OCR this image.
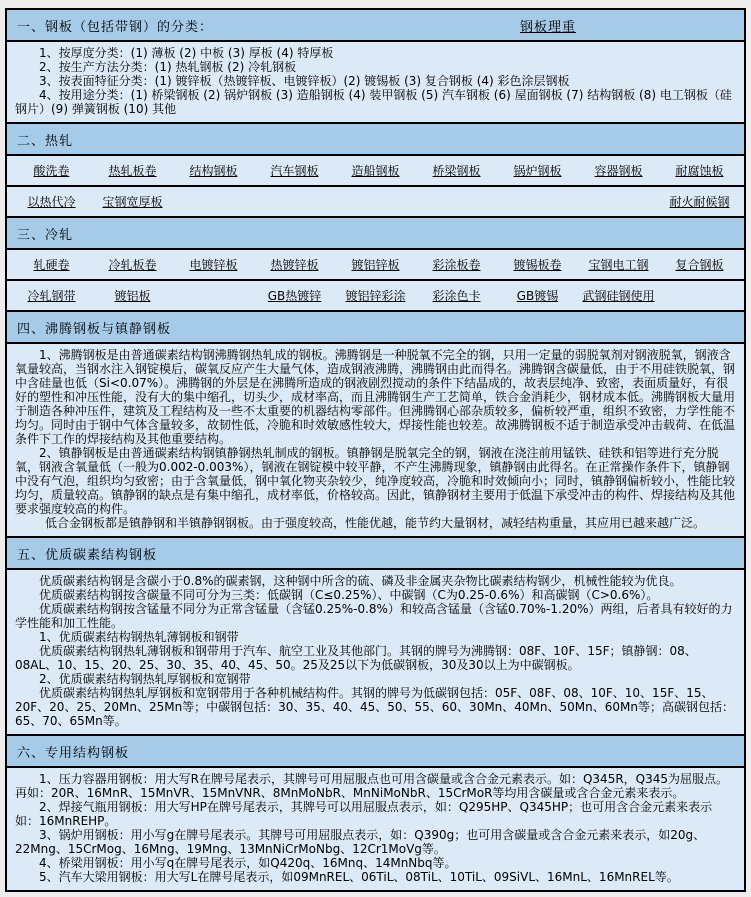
一、钢板（包括带钢）的分类：	钢板理重

1、按厚度分类：(1) 薄板 (2) 中板 (3) 厚板 (4) 特厚板

2、按生产方法分类：(1) 热轧钢板 (2) 冷轧钢板

3、按表面特征分类：(1) 镀锌板（热镀锌板、电镀锌板）(2) 镀锡板 (3) 复合钢板 (4) 彩色涂层钢板

4、按用途分类：(1) 桥梁钢板 (2) 锅炉钢板 (3) 造船钢板 (4) 装甲钢板 (5) 汽车钢板 (6) 屋面钢板 (7) 结构钢板 (8) 电工钢板（硅钢片）(9) 弹簧钢板 (10) 其他

二、热轧
酸洗卷	热轧板卷	结构钢板	汽车钢板	造船钢板	桥梁钢板	锅炉钢板	容器钢板	耐腐蚀板
以热代冷	宝钢宽厚板	耐火耐候钢
三、冷轧
轧硬卷	冷轧板卷	电镀锌板	热镀锌板	镀铝锌板	彩涂板卷	镀锡板卷	宝钢电工钢	复合钢板
冷轧钢带	镀铝板	GB热镀锌	镀铝锌彩涂	彩涂色卡	GB镀锡	武钢硅钢使用
四、沸腾钢板与镇静钢板

1、沸腾钢板是由普通碳素结构钢沸腾钢热轧成的钢板。沸腾钢是一种脱氧不完全的钢，只用一定量的弱脱氧剂对钢液脱氧，钢液含氧量较高，当钢水注入钢锭模后，碳氧反应产生大量气体，造成钢液沸腾，沸腾钢由此而得名。沸腾钢含碳量低，由于不用硅铁脱氧，钢中含硅量也低（Si<0.07%）。沸腾钢的外层是在沸腾所造成的钢液剧烈搅动的条件下结晶成的，故表层纯净、致密，表面质量好，有很好的塑性和冲压性能，没有大的集中缩孔，切头少，成材率高，而且沸腾钢生产工艺简单，铁合金消耗少，钢材成本低。沸腾钢板大量用于制造各种冲压件，建筑及工程结构及一些不太重要的机器结构零部件。但沸腾钢心部杂质较多，偏析较严重，组织不致密，力学性能不均匀。同时由于钢中气体含量较多，故韧性低，冷脆和时效敏感性较大，焊接性能也较差。故沸腾钢板不适于制造承受冲击载荷、在低温条件下工作的焊接结构及其他重要结构。

2、镇静钢板是由普通碳素结构钢镇静钢热轧制成的钢板。镇静钢是脱氧完全的钢，钢液在浇注前用锰铁、硅铁和铝等进行充分脱氧，钢液含氧量低（一般为0.002-0.003%），钢液在钢锭模中较平静，不产生沸腾现象，镇静钢由此得名。在正常操作条件下，镇静钢中没有气泡，组织均匀致密；由于含氧量低，钢中氧化物夹杂较少，纯净度较高，冷脆和时效倾向小；同时，镇静钢偏析较小，性能比较均匀，质量较高。镇静钢的缺点是有集中缩孔，成材率低，价格较高。因此，镇静钢材主要用于低温下承受冲击的构件、焊接结构及其他要求强度较高的构件。

低合金钢板都是镇静钢和半镇静钢钢板。由于强度较高，性能优越，能节约大量钢材，减轻结构重量，其应用已越来越广泛。

五、优质碳素结构钢板

优质碳素结构钢是含碳小于0.8%的碳素钢，这种钢中所含的硫、磷及非金属夹杂物比碳素结构钢少，机械性能较为优良。

优质碳素结构钢按含碳量不同可分为三类：低碳钢（C≤0.25%）、中碳钢（C为0.25-0.6%）和高碳钢（C>0.6%）。

优质碳素结构钢按含锰量不同分为正常含锰量（含锰0.25%-0.8%）和较高含锰量（含锰0.70%-1.20%）两组，后者具有较好的力学性能和加工性能。

1、优质碳素结构钢热轧薄钢板和钢带

优质碳素结构钢热轧薄钢板和钢带用于汽车、航空工业及其他部门。其钢的牌号为沸腾钢：08F、10F、15F；镇静钢：08、08AL、10、15、20、25、30、35、40、45、50。25及25以下为低碳钢板，30及30以上为中碳钢板。

2、优质碳素结构钢热轧厚钢板和宽钢带

优质碳素结构钢热轧厚钢板和宽钢带用于各种机械结构件。其钢的牌号为低碳钢包括：05F、08F、08、10F、10、15F、15、20F、20、25、20Mn、25Mn等；中碳钢包括：30、35、40、45、50、55、60、30Mn、40Mn、50Mn、60Mn等；高碳钢包括：65、70、65Mn等。

六、专用结构钢板

1、压力容器用钢板：用大写R在牌号尾表示，其牌号可用屈服点也可用含碳量或含合金元素表示。如：Q345R，Q345为屈服点。再如：20R、16MnR、15MnVR、15MnVNR、8MnMoNbR、MnNiMoNbR、15CrMoR等均用含碳量或含合金元素来表示。

2、焊接气瓶用钢板：用大写HP在牌号尾表示，其牌号可以用屈服点表示，如：Q295HP、Q345HP；也可用含合金元素来表示如：16MnREHP。

3、锅炉用钢板：用小写g在牌号尾表示。其牌号可用屈服点表示，如：Q390g；也可用含碳量或含合金元素来表示，如20g、22Mng、15CrMog、16Mng、19Mng、13MnNiCrMoNbg、12Cr1MoVg等。

4、桥梁用钢板：用小写q在牌号尾表示，如Q420q、16Mnq、14MnNbq等。

5、汽车大梁用钢板：用大写L在牌号尾表示，如09MnREL、06TiL、08TiL、10TiL、09SiVL、16MnL、16MnREL等。
